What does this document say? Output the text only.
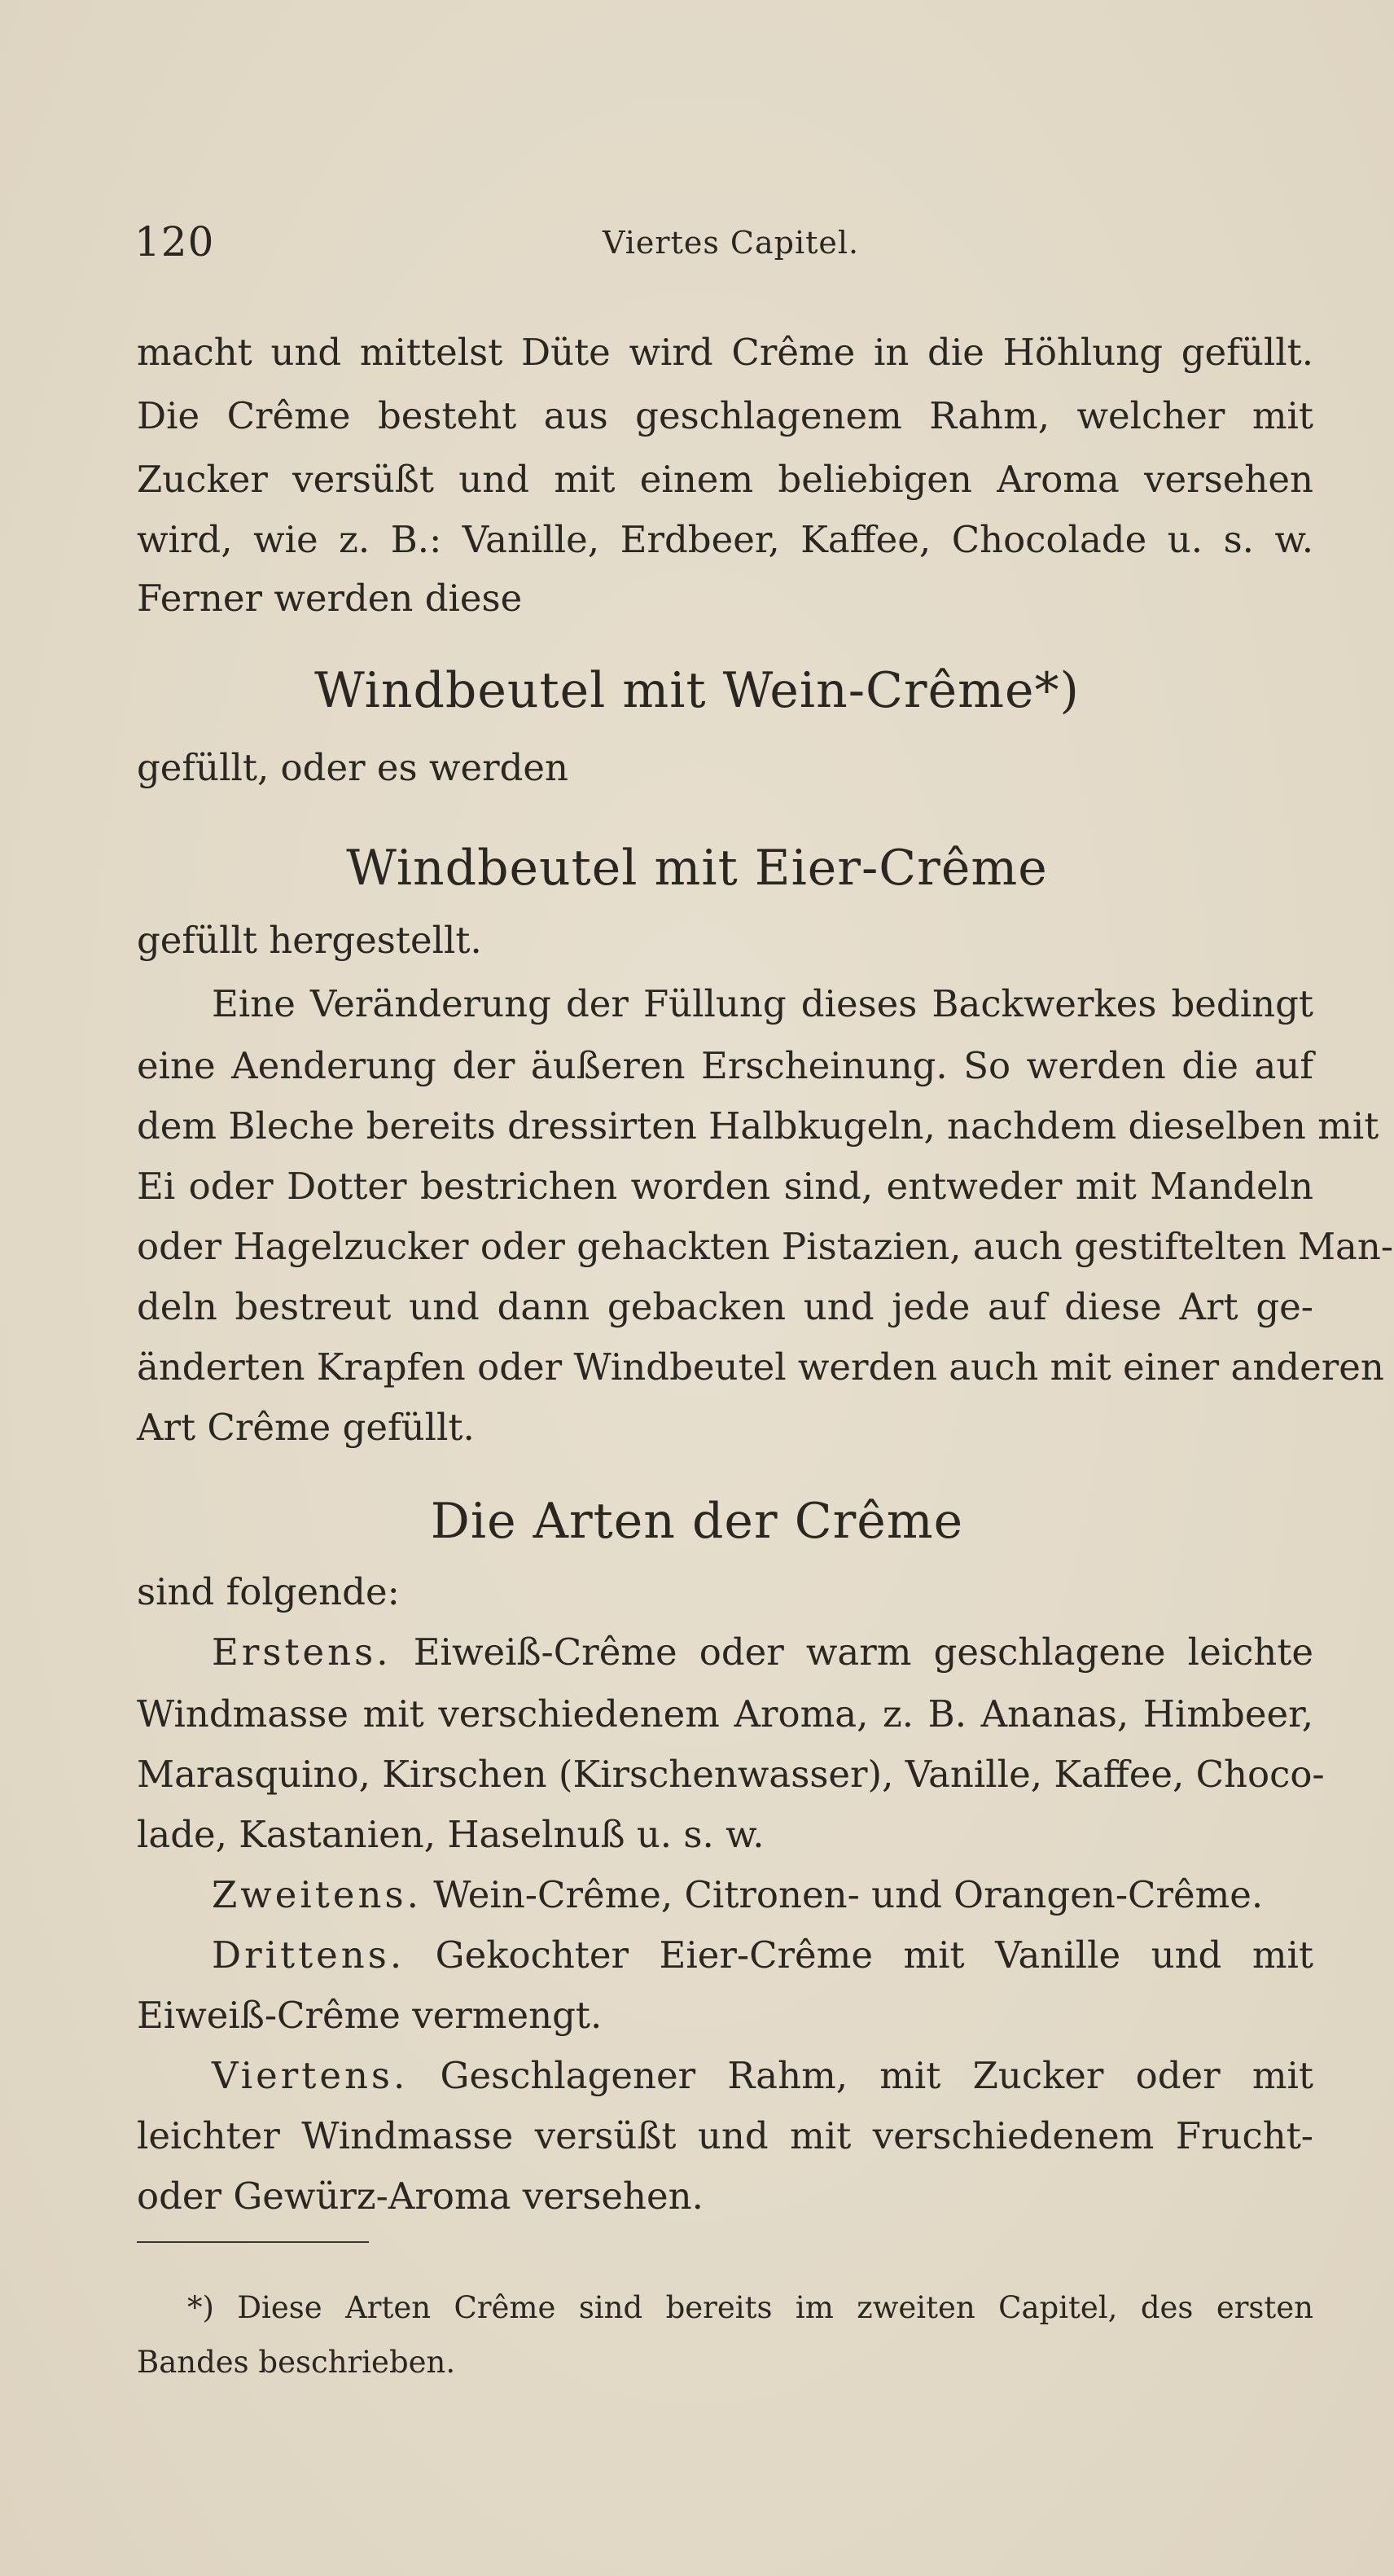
120	Viertes Capitel.
macht und mittelst Düte wird Crême in die Höhlung gefüllt.
Die Crême besteht aus geschlagenem Rahm, welcher mit
Zucker versüßt und mit einem beliebigen Aroma versehen
wird, wie z. B.: Vanille, Erdbeer, Kaffee, Chocolade u. s. w.
Ferner werden diese
Windbeutel mit Wein-Crême*)
gefüllt, oder es werden
Windbeutel mit Eier-Crême
gefüllt hergestellt.
Eine Veränderung der Füllung dieses Backwerkes bedingt
eine Aenderung der äußeren Erscheinung. So werden die auf
dem Bleche bereits dressirten Halbkugeln, nachdem dieselben mit
Ei oder Dotter bestrichen worden sind, entweder mit Mandeln
oder Hagelzucker oder gehackten Pistazien, auch gestiftelten Man-
deln bestreut und dann gebacken und jede auf diese Art ge-
änderten Krapfen oder Windbeutel werden auch mit einer anderen
Art Crême gefüllt.
Die Arten der Crême
sind folgende:
Erstens. Eiweiß-Crême oder warm geschlagene leichte
Windmasse mit verschiedenem Aroma, z. B. Ananas, Himbeer,
Marasquino, Kirschen (Kirschenwasser), Vanille, Kaffee, Choco-
lade, Kastanien, Haselnuß u. s. w.
Zweitens. Wein-Crême, Citronen- und Orangen-Crême.
Drittens. Gekochter Eier-Crême mit Vanille und mit
Eiweiß-Crême vermengt.
Viertens. Geschlagener Rahm, mit Zucker oder mit
leichter Windmasse versüßt und mit verschiedenem Frucht-
oder Gewürz-Aroma versehen.
*) Diese Arten Crême sind bereits im zweiten Capitel, des ersten
Bandes beschrieben.
